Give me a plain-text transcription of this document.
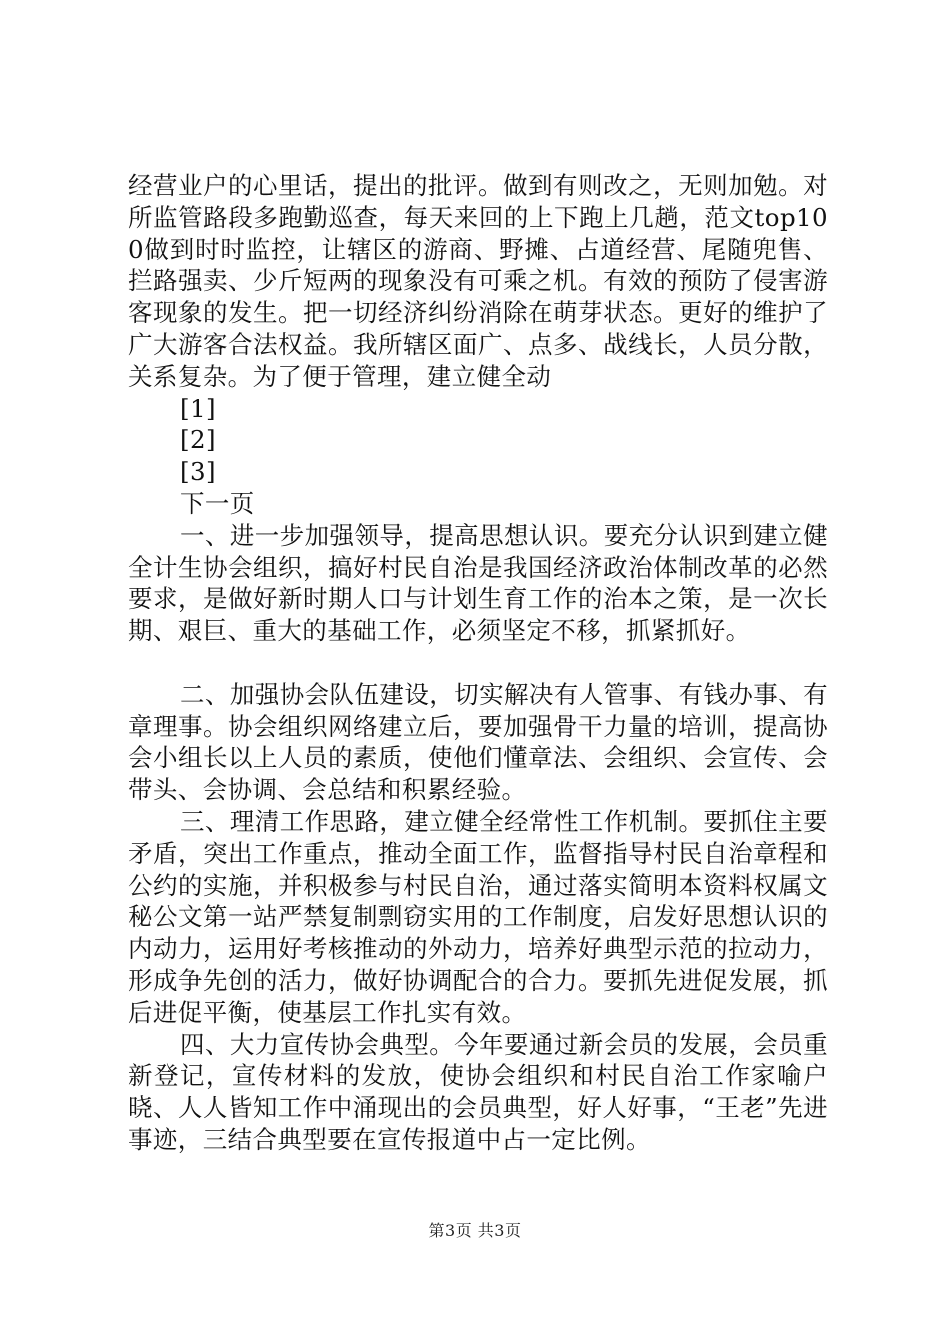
经营业户的心里话，提出的批评。做到有则改之，无则加勉。对所监管路段多跑勤巡查，每天来回的上下跑上几趟，范文top100做到时时监控，让辖区的游商、野摊、占道经营、尾随兜售、拦路强卖、少斤短两的现象没有可乘之机。有效的预防了侵害游客现象的发生。把一切经济纠纷消除在萌芽状态。更好的维护了广大游客合法权益。我所辖区面广、点多、战线长，人员分散，关系复杂。为了便于管理，建立健全动

[1]

[2]

[3]

下一页

一、进一步加强领导，提高思想认识。要充分认识到建立健全计生协会组织，搞好村民自治是我国经济政治体制改革的必然要求，是做好新时期人口与计划生育工作的治本之策，是一次长期、艰巨、重大的基础工作，必须坚定不移，抓紧抓好。

二、加强协会队伍建设，切实解决有人管事、有钱办事、有章理事。协会组织网络建立后，要加强骨干力量的培训，提高协会小组长以上人员的素质，使他们懂章法、会组织、会宣传、会带头、会协调、会总结和积累经验。

三、理清工作思路，建立健全经常性工作机制。要抓住主要矛盾，突出工作重点，推动全面工作，监督指导村民自治章程和公约的实施，并积极参与村民自治，通过落实简明本资料权属文秘公文第一站严禁复制剽窃实用的工作制度，启发好思想认识的内动力，运用好考核推动的外动力，培养好典型示范的拉动力，形成争先创的活力，做好协调配合的合力。要抓先进促发展，抓后进促平衡，使基层工作扎实有效。

四、大力宣传协会典型。今年要通过新会员的发展，会员重新登记，宣传材料的发放，使协会组织和村民自治工作家喻户晓、人人皆知工作中涌现出的会员典型，好人好事，“王老”先进事迹，三结合典型要在宣传报道中占一定比例。

第3页 共3页
